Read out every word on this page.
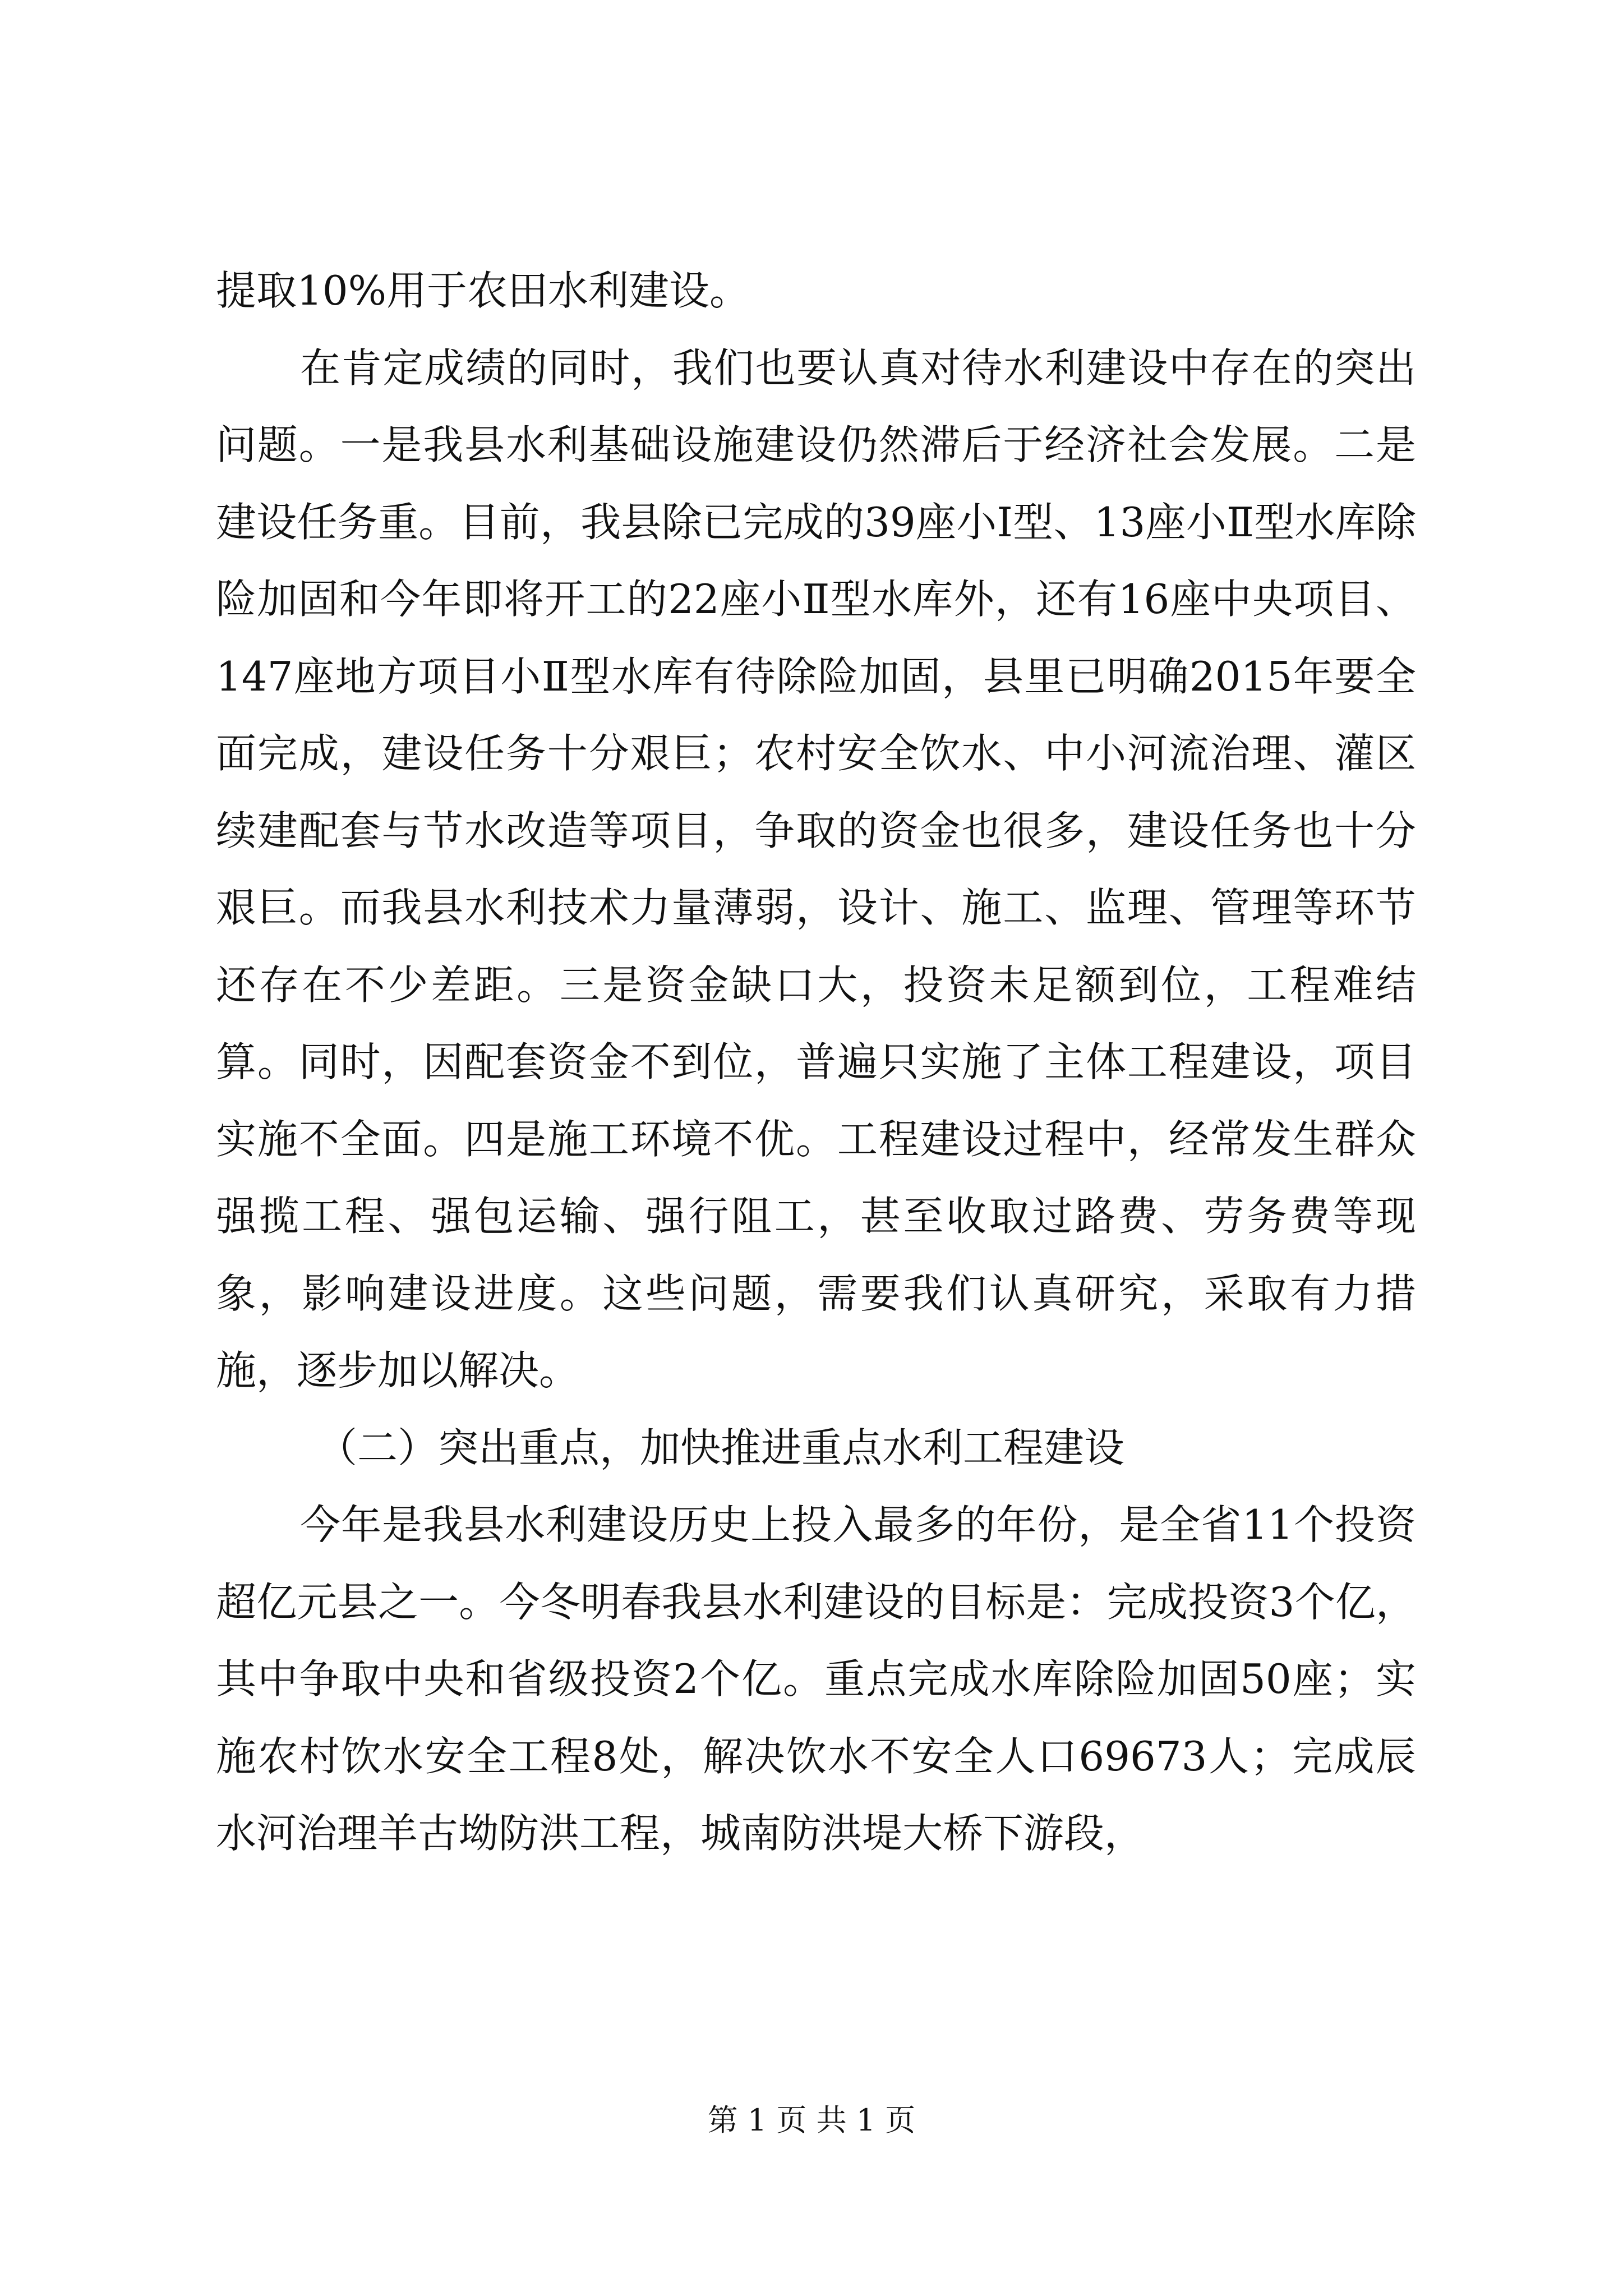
提取10%用于农田水利建设。

在肯定成绩的同时，我们也要认真对待水利建设中存在的突出问题。一是我县水利基础设施建设仍然滞后于经济社会发展。二是建设任务重。目前，我县除已完成的39座小Ⅰ型、13座小Ⅱ型水库除险加固和今年即将开工的22座小Ⅱ型水库外，还有16座中央项目、147座地方项目小Ⅱ型水库有待除险加固，县里已明确2015年要全面完成，建设任务十分艰巨；农村安全饮水、中小河流治理、灌区续建配套与节水改造等项目，争取的资金也很多，建设任务也十分艰巨。而我县水利技术力量薄弱，设计、施工、监理、管理等环节还存在不少差距。三是资金缺口大，投资未足额到位，工程难结算。同时，因配套资金不到位，普遍只实施了主体工程建设，项目实施不全面。四是施工环境不优。工程建设过程中，经常发生群众强揽工程、强包运输、强行阻工，甚至收取过路费、劳务费等现象，影响建设进度。这些问题，需要我们认真研究，采取有力措施，逐步加以解决。

（二）突出重点，加快推进重点水利工程建设

今年是我县水利建设历史上投入最多的年份，是全省11个投资超亿元县之一。今冬明春我县水利建设的目标是：完成投资3个亿，其中争取中央和省级投资2个亿。重点完成水库除险加固50座；实施农村饮水安全工程8处，解决饮水不安全人口69673人；完成辰水河治理羊古坳防洪工程，城南防洪堤大桥下游段，

第 1 页 共 1 页
